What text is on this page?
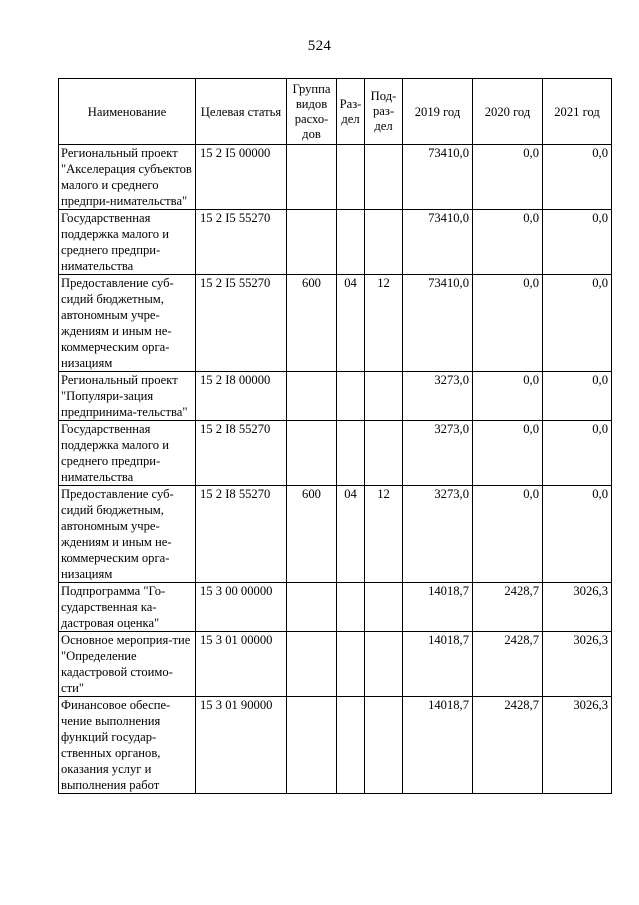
524
Наименование	Целевая статья	Группа видов расхо-дов	Раз-дел	Под-раз-дел	2019 год	2020 год	2021 год
Региональный проект "Акселерация субъектов малого и среднего предпри-нимательства"	15 2 I5 00000				73410,0	0,0	0,0
Государственная поддержка малого и среднего предпри-нимательства	15 2 I5 55270				73410,0	0,0	0,0
Предоставление суб-сидий бюджетным, автономным учре-ждениям и иным не-коммерческим орга-низациям	15 2 I5 55270	600	04	12	73410,0	0,0	0,0
Региональный проект "Популяри-зация предпринима-тельства"	15 2 I8 00000				3273,0	0,0	0,0
Государственная поддержка малого и среднего предпри-нимательства	15 2 I8 55270				3273,0	0,0	0,0
Предоставление суб-сидий бюджетным, автономным учре-ждениям и иным не-коммерческим орга-низациям	15 2 I8 55270	600	04	12	3273,0	0,0	0,0
Подпрограмма "Го-сударственная ка-дастровая оценка"	15 3 00 00000				14018,7	2428,7	3026,3
Основное мероприя-тие "Определение кадастровой стоимо-сти"	15 3 01 00000				14018,7	2428,7	3026,3
Финансовое обеспе-чение выполнения функций государ-ственных органов, оказания услуг и выполнения работ	15 3 01 90000				14018,7	2428,7	3026,3
